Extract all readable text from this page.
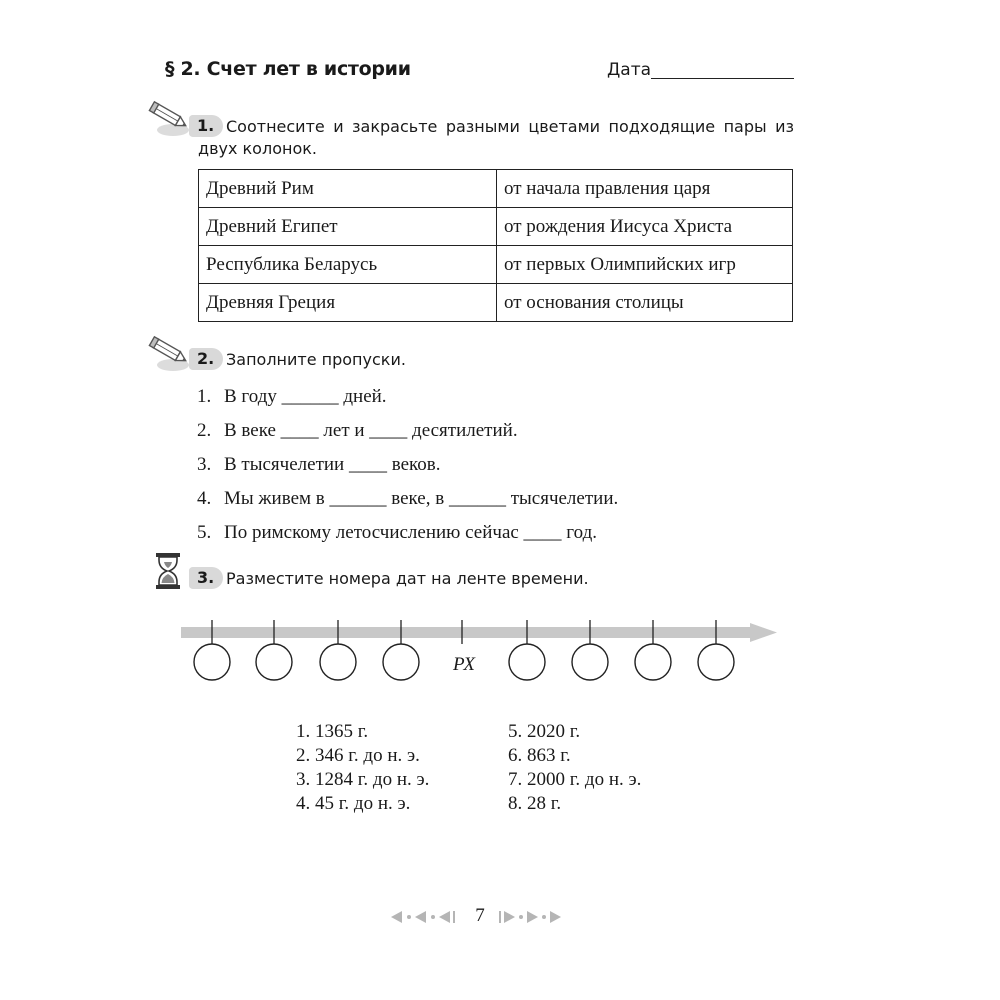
§ 2. Счет лет в истории	Дата
1. Соотнесите и закрасьте разными цветами подходящие пары из
двух колонок.
Древний Рим	от начала правления царя
Древний Египет	от рождения Иисуса Христа
Республика Беларусь	от первых Олимпийских игр
Древняя Греция	от основания столицы
2. Заполните пропуски.
1. В году ______ дней.
2. В веке ____ лет и ____ десятилетий.
3. В тысячелетии ____ веков.
4. Мы живем в ______ веке, в ______ тысячелетии.
5. По римскому летосчислению сейчас ____ год.
3. Разместите номера дат на ленте времени.
РХ
1. 1365 г.
2. 346 г. до н. э.
3. 1284 г. до н. э.
4. 45 г. до н. э.
5. 2020 г.
6. 863 г.
7. 2000 г. до н. э.
8. 28 г.
7
